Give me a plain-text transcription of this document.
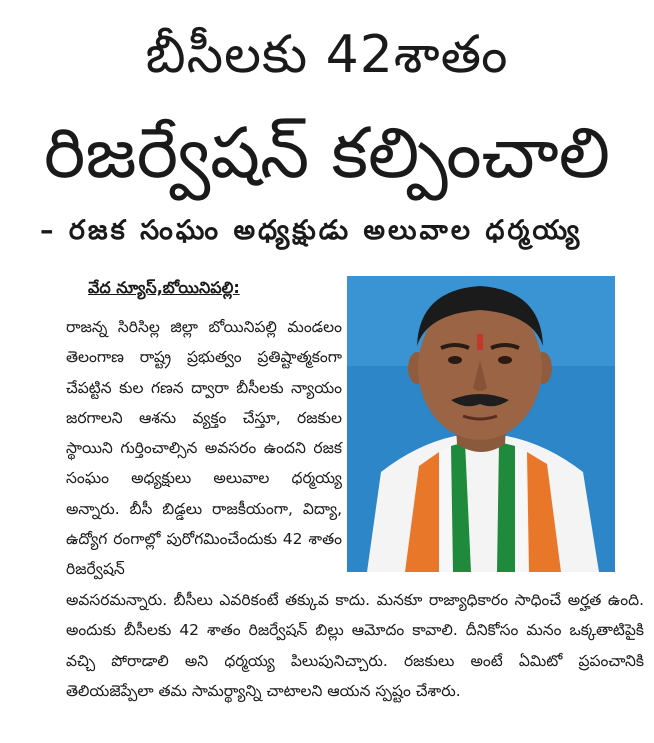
బీసీలకు 42శాతం
రిజర్వేషన్ కల్పించాలి
– రజక సంఘం అధ్యక్షుడు అలువాల ధర్మయ్య
వేద న్యూస్,బోయినిపల్లి:
రాజన్న సిరిసిల్ల జిల్లా బోయినిపల్లి మండలం తెలంగాణ రాష్ట్ర ప్రభుత్వం ప్రతిష్టాత్మకంగా చేపట్టిన కుల గణన ద్వారా బీసీలకు న్యాయం జరగాలని ఆశను వ్యక్తం చేస్తూ, రజకుల స్థాయిని గుర్తించాల్సిన అవసరం ఉందని రజక సంఘం అధ్యక్షులు అలువాల ధర్మయ్య అన్నారు. బీసీ బిడ్డలు రాజకీయంగా, విద్యా, ఉద్యోగ రంగాల్లో పురోగమించేందుకు 42 శాతం రిజర్వేషన్
అవసరమన్నారు. బీసీలు ఎవరికంటే తక్కువ కాదు. మనకూ రాజ్యాధికారం సాధించే అర్హత ఉంది. అందుకు బీసీలకు 42 శాతం రిజర్వేషన్ బిల్లు ఆమోదం కావాలి. దీనికోసం మనం ఒక్కతాటిపైకి వచ్చి పోరాడాలి అని ధర్మయ్య పిలుపునిచ్చారు. రజకులు అంటే ఏమిటో ప్రపంచానికి తెలియజెప్పేలా తమ సామర్థ్యాన్ని చాటాలని ఆయన స్పష్టం చేశారు.
